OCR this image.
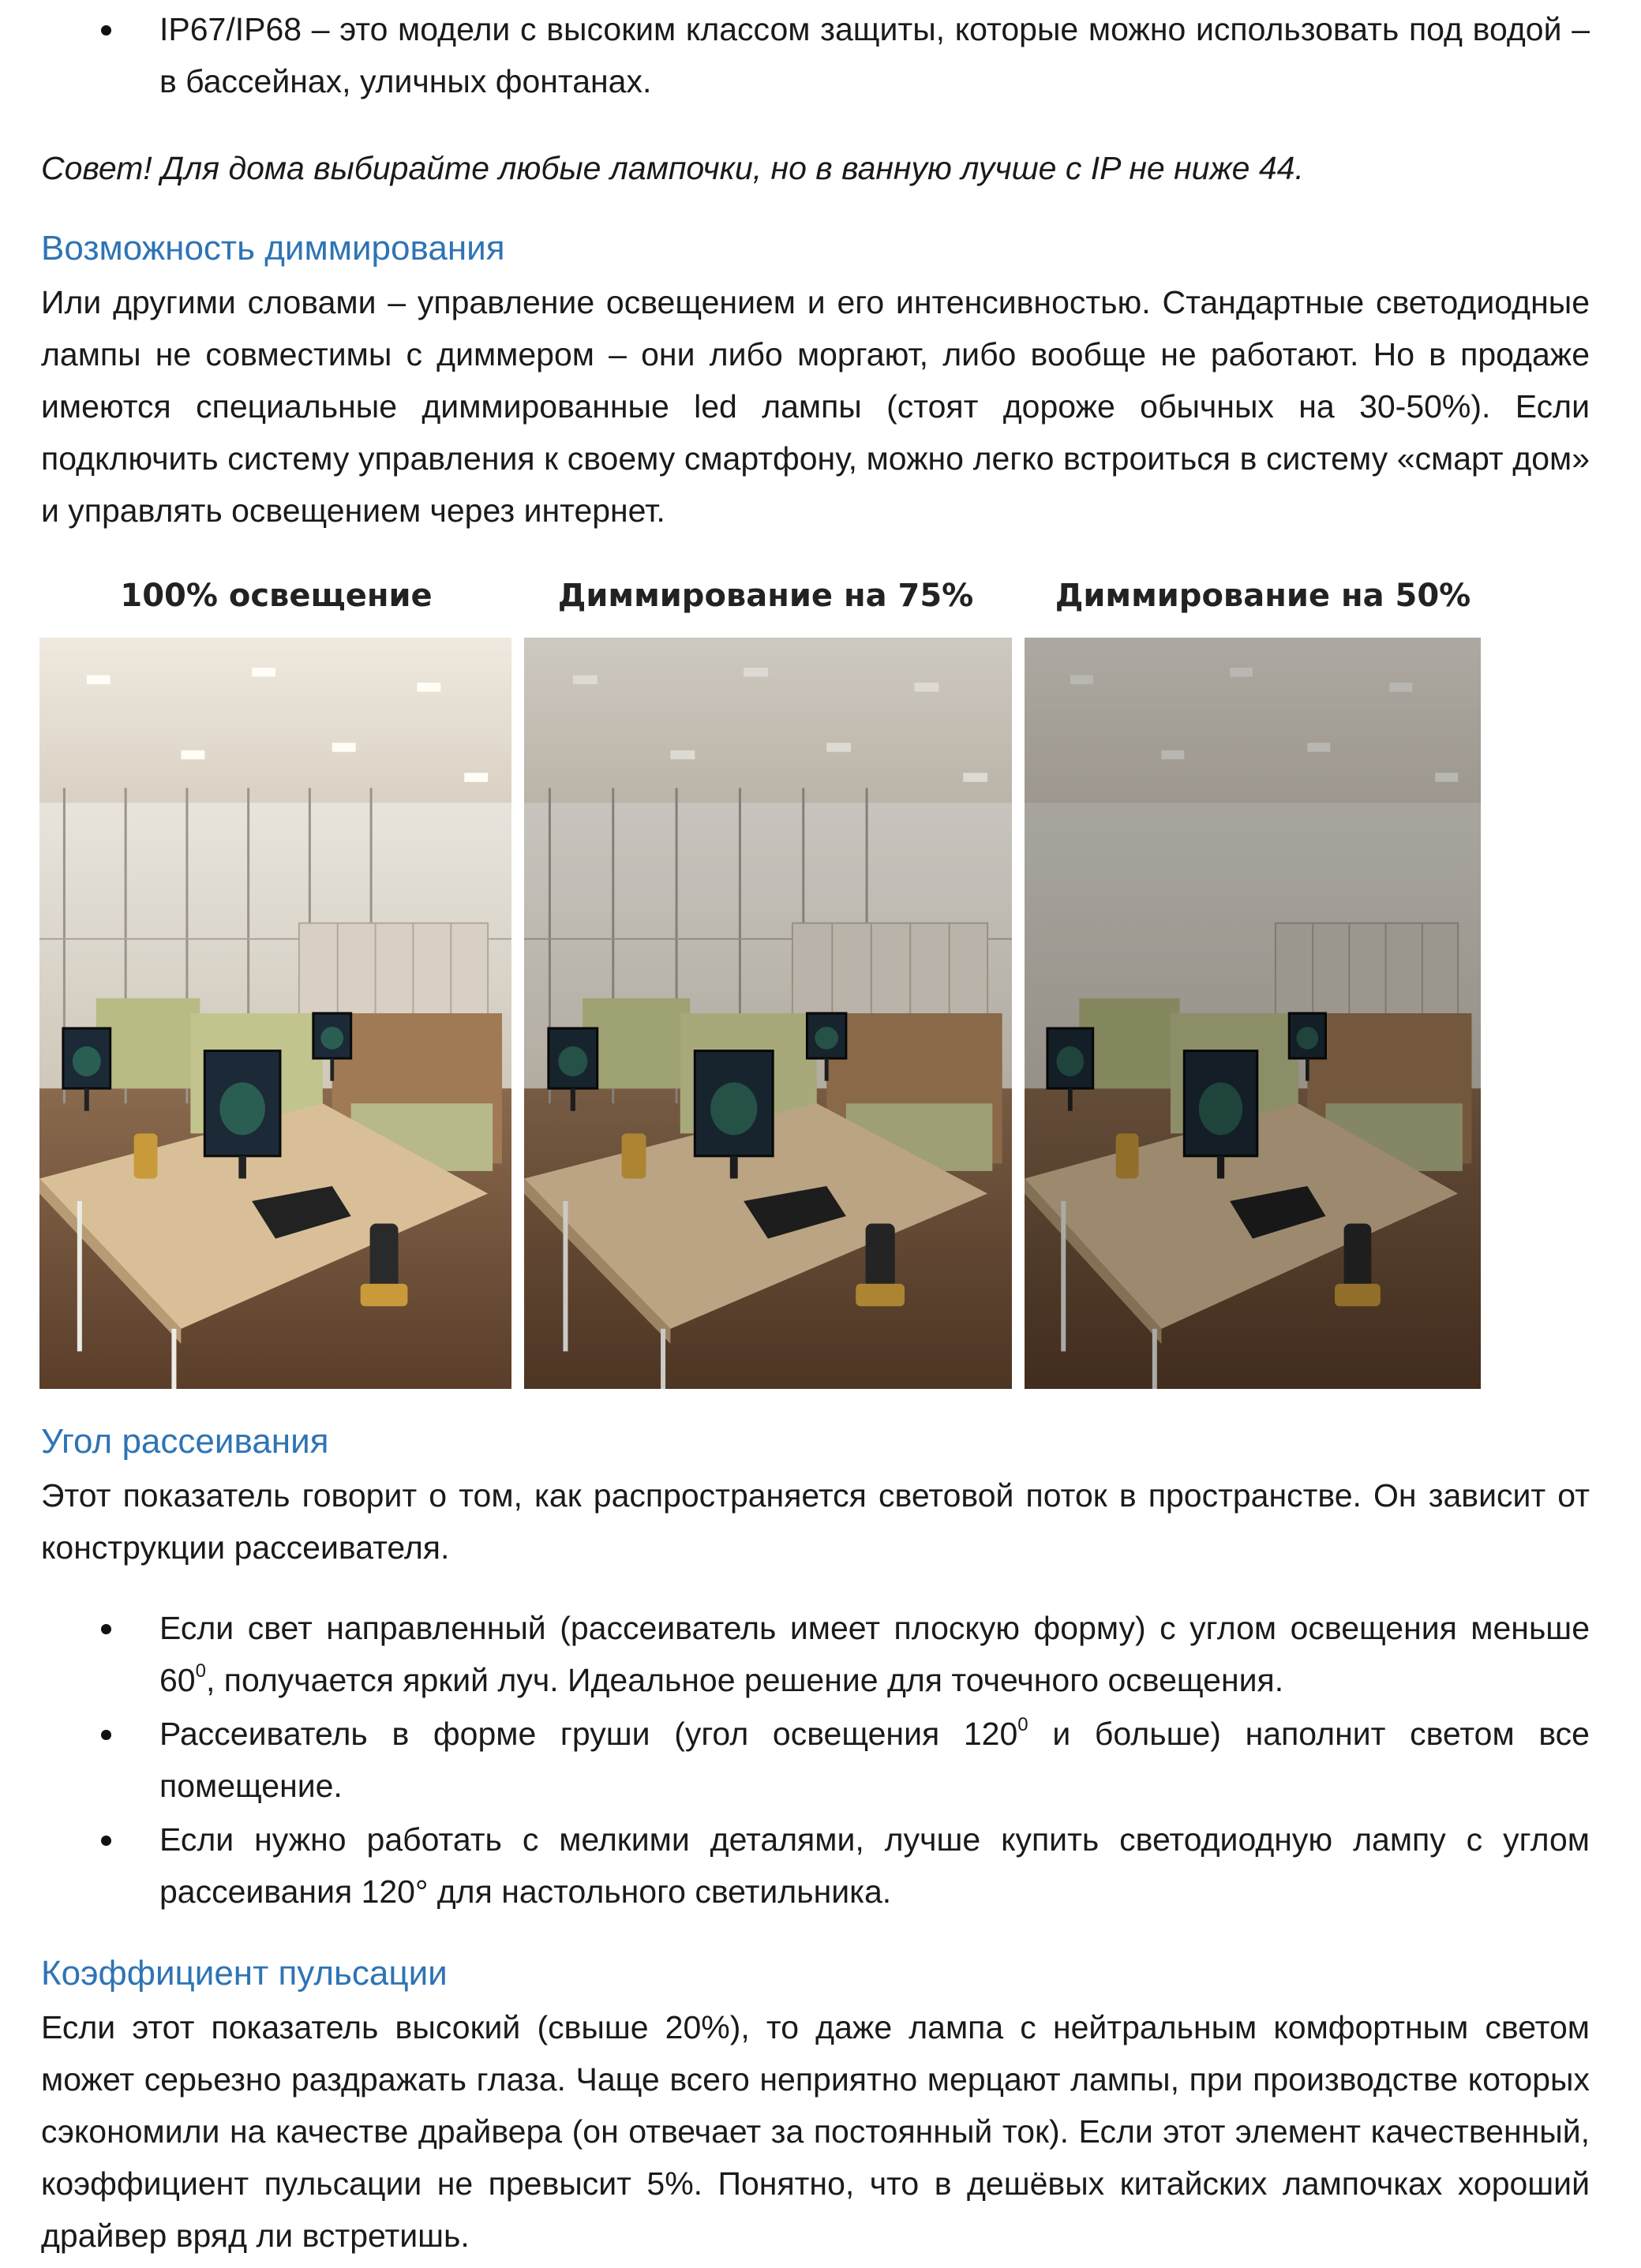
IP67/IP68 – это модели с высоким классом защиты, которые можно использовать под водой – в бассейнах, уличных фонтанах.

Совет! Для дома выбирайте любые лампочки, но в ванную лучше с IP не ниже 44.

Возможность диммирования

Или другими словами – управление освещением и его интенсивностью. Стандартные светодиодные лампы не совместимы с диммером – они либо моргают, либо вообще не работают. Но в продаже имеются специальные диммированные led лампы (стоят дороже обычных на 30-50%). Если подключить систему управления к своему смартфону, можно легко встроиться в систему «смарт дом» и управлять освещением через интернет.

Угол рассеивания

Этот показатель говорит о том, как распространяется световой поток в пространстве. Он зависит от конструкции рассеивателя.

Если свет направленный (рассеиватель имеет плоскую форму) с углом освещения меньше $60^0$, получается яркий луч. Идеальное решение для точечного освещения.
Рассеиватель в форме груши (угол освещения $120^0$ и больше) наполнит светом все помещение.
Если нужно работать с мелкими деталями, лучше купить светодиодную лампу с углом рассеивания 120° для настольного светильника.
Коэффициент пульсации

Если этот показатель высокий (свыше 20%), то даже лампа с нейтральным комфортным светом может серьезно раздражать глаза. Чаще всего неприятно мерцают лампы, при производстве которых сэкономили на качестве драйвера (он отвечает за постоянный ток). Если этот элемент качественный, коэффициент пульсации не превысит 5%. Понятно, что в дешёвых китайских лампочках хороший драйвер вряд ли встретишь.

100% освещение	Диммирование на 75%	Диммирование на 50%
